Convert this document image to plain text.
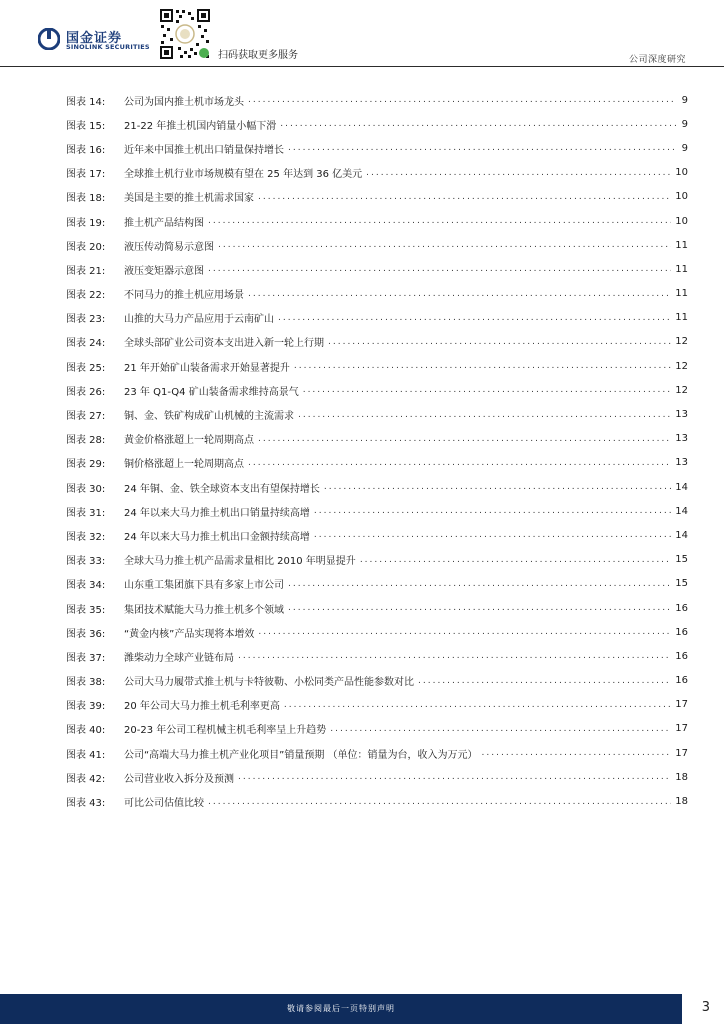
国金证券
SINOLINK SECURITIES
扫码获取更多服务	公司深度研究
图表 14:	公司为国内推土机市场龙头 .....	9
图表 15:	21-22 年推土机国内销量小幅下滑 .....	9
图表 16:	近年来中国推土机出口销量保持增长 .....	9
图表 17:	全球推土机行业市场规模有望在 25 年达到 36 亿美元 .....	10
图表 18:	美国是主要的推土机需求国家 .....	10
图表 19:	推土机产品结构图 .....	10
图表 20:	液压传动简易示意图 .....	11
图表 21:	液压变矩器示意图 .....	11
图表 22:	不同马力的推土机应用场景 .....	11
图表 23:	山推的大马力产品应用于云南矿山 .....	11
图表 24:	全球头部矿业公司资本支出进入新一轮上行期 .....	12
图表 25:	21 年开始矿山装备需求开始显著提升 .....	12
图表 26:	23 年 Q1-Q4 矿山装备需求维持高景气 .....	12
图表 27:	铜、金、铁矿构成矿山机械的主流需求 .....	13
图表 28:	黄金价格涨超上一轮周期高点 .....	13
图表 29:	铜价格涨超上一轮周期高点 .....	13
图表 30:	24 年铜、金、铁全球资本支出有望保持增长 .....	14
图表 31:	24 年以来大马力推土机出口销量持续高增 .....	14
图表 32:	24 年以来大马力推土机出口金额持续高增 .....	14
图表 33:	全球大马力推土机产品需求量相比 2010 年明显提升 .....	15
图表 34:	山东重工集团旗下具有多家上市公司 .....	15
图表 35:	集团技术赋能大马力推土机多个领域 .....	16
图表 36:	“黄金内核”产品实现将本增效 .....	16
图表 37:	潍柴动力全球产业链布局 .....	16
图表 38:	公司大马力履带式推土机与卡特彼勒、小松同类产品性能参数对比 .....	16
图表 39:	20 年公司大马力推土机毛利率更高 .....	17
图表 40:	20-23 年公司工程机械主机毛利率呈上升趋势 .....	17
图表 41:	公司“高端大马力推土机产业化项目”销量预期 （单位：销量为台，收入为万元） .....	17
图表 42:	公司营业收入拆分及预测 .....	18
图表 43:	可比公司估值比较 .....	18
敬请参阅最后一页特别声明	3
